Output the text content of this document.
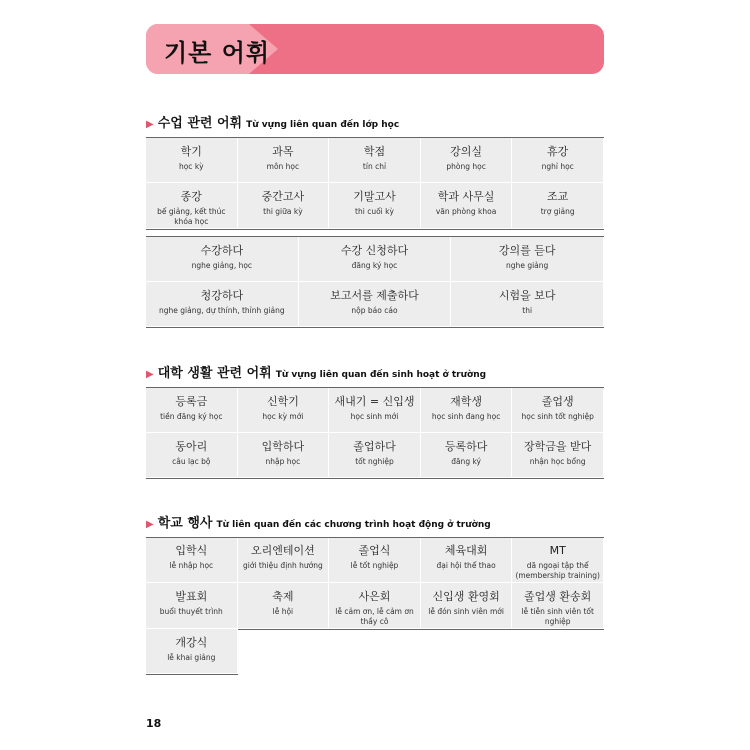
기본 어휘
▶ 수업 관련 어휘 Từ vựng liên quan đến lớp học
학기
học kỳ
과목
môn học
학점
tín chỉ
강의실
phòng học
휴강
nghỉ học
종강
bế giảng, kết thúc khóa học
중간고사
thi giữa kỳ
기말고사
thi cuối kỳ
학과 사무실
văn phòng khoa
조교
trợ giảng
수강하다
nghe giảng, học
수강 신청하다
đăng ký học
강의를 듣다
nghe giảng
청강하다
nghe giảng, dự thính, thỉnh giảng
보고서를 제출하다
nộp báo cáo
시험을 보다
thi
▶ 대학 생활 관련 어휘 Từ vựng liên quan đến sinh hoạt ở trường
등록금
tiền đăng ký học
신학기
học kỳ mới
새내기 = 신입생
học sinh mới
재학생
học sinh đang học
졸업생
học sinh tốt nghiệp
동아리
câu lạc bộ
입학하다
nhập học
졸업하다
tốt nghiệp
등록하다
đăng ký
장학금을 받다
nhận học bổng
▶ 학교 행사 Từ liên quan đến các chương trình hoạt động ở trường
입학식
lễ nhập học
오리엔테이션
giới thiệu định hướng
졸업식
lễ tốt nghiệp
체육대회
đại hội thể thao
MT
dã ngoại tập thể (membership training)
발표회
buổi thuyết trình
축제
lễ hội
사은회
lễ cảm ơn, lễ cảm ơn thầy cô
신입생 환영회
lễ đón sinh viên mới
졸업생 환송회
lễ tiễn sinh viên tốt nghiệp
개강식
lễ khai giảng
18
